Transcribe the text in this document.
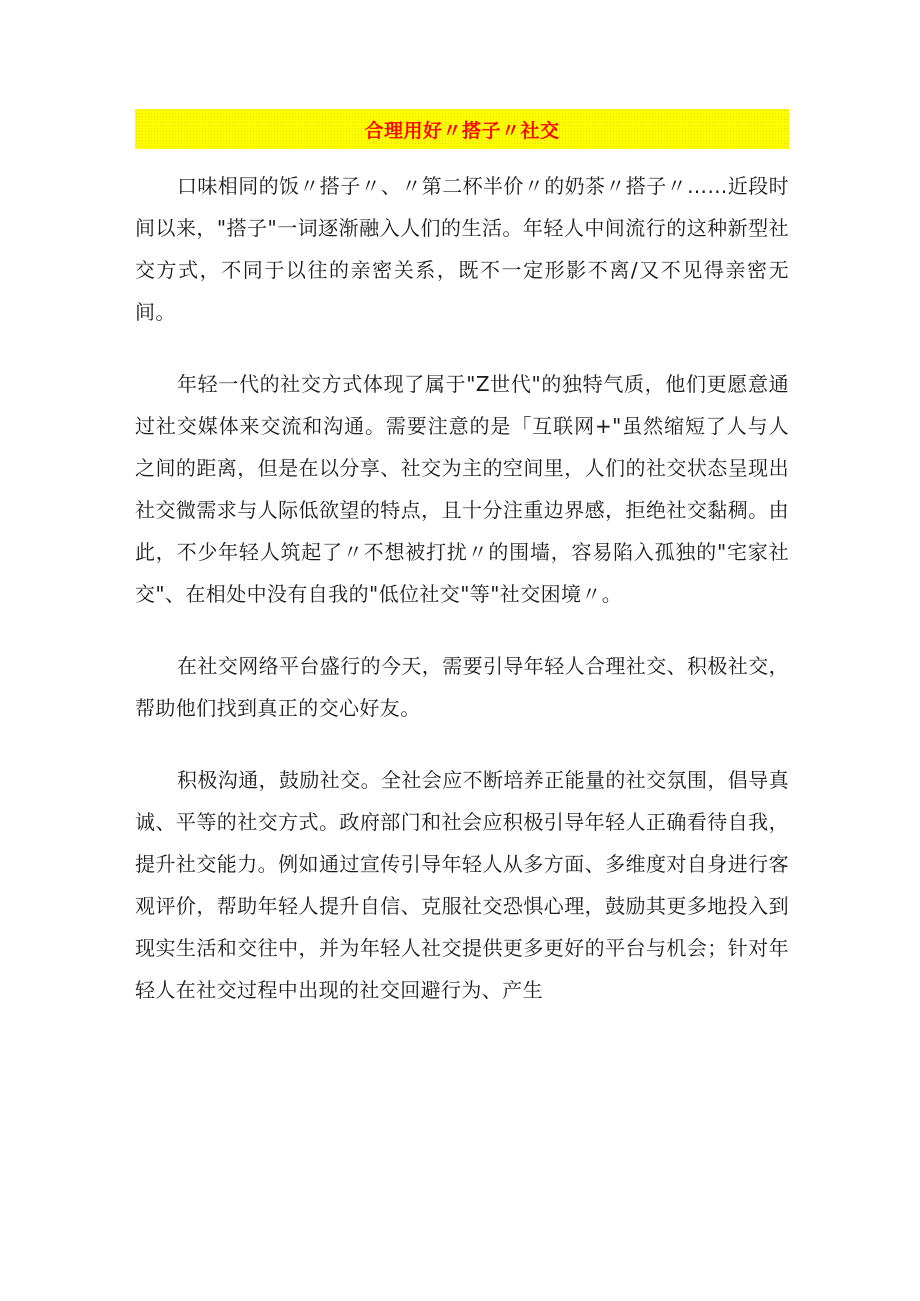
合理用好〃搭子〃社交

口味相同的饭〃搭子〃、〃第二杯半价〃的奶茶〃搭子〃……近段时间以来，"搭子"一词逐渐融入人们的生活。年轻人中间流行的这种新型社交方式，不同于以往的亲密关系，既不一定形影不离/又不见得亲密无间。

年轻一代的社交方式体现了属于"Z世代"的独特气质，他们更愿意通过社交媒体来交流和沟通。需要注意的是「互联网+"虽然缩短了人与人之间的距离，但是在以分享、社交为主的空间里，人们的社交状态呈现出社交微需求与人际低欲望的特点，且十分注重边界感，拒绝社交黏稠。由此，不少年轻人筑起了〃不想被打扰〃的围墙，容易陷入孤独的"宅家社交"、在相处中没有自我的"低位社交"等"社交困境〃。

在社交网络平台盛行的今天，需要引导年轻人合理社交、积极社交，帮助他们找到真正的交心好友。

积极沟通，鼓励社交。全社会应不断培养正能量的社交氛围，倡导真诚、平等的社交方式。政府部门和社会应积极引导年轻人正确看待自我，提升社交能力。例如通过宣传引导年轻人从多方面、多维度对自身进行客观评价，帮助年轻人提升自信、克服社交恐惧心理，鼓励其更多地投入到现实生活和交往中，并为年轻人社交提供更多更好的平台与机会；针对年轻人在社交过程中出现的社交回避行为、产生
